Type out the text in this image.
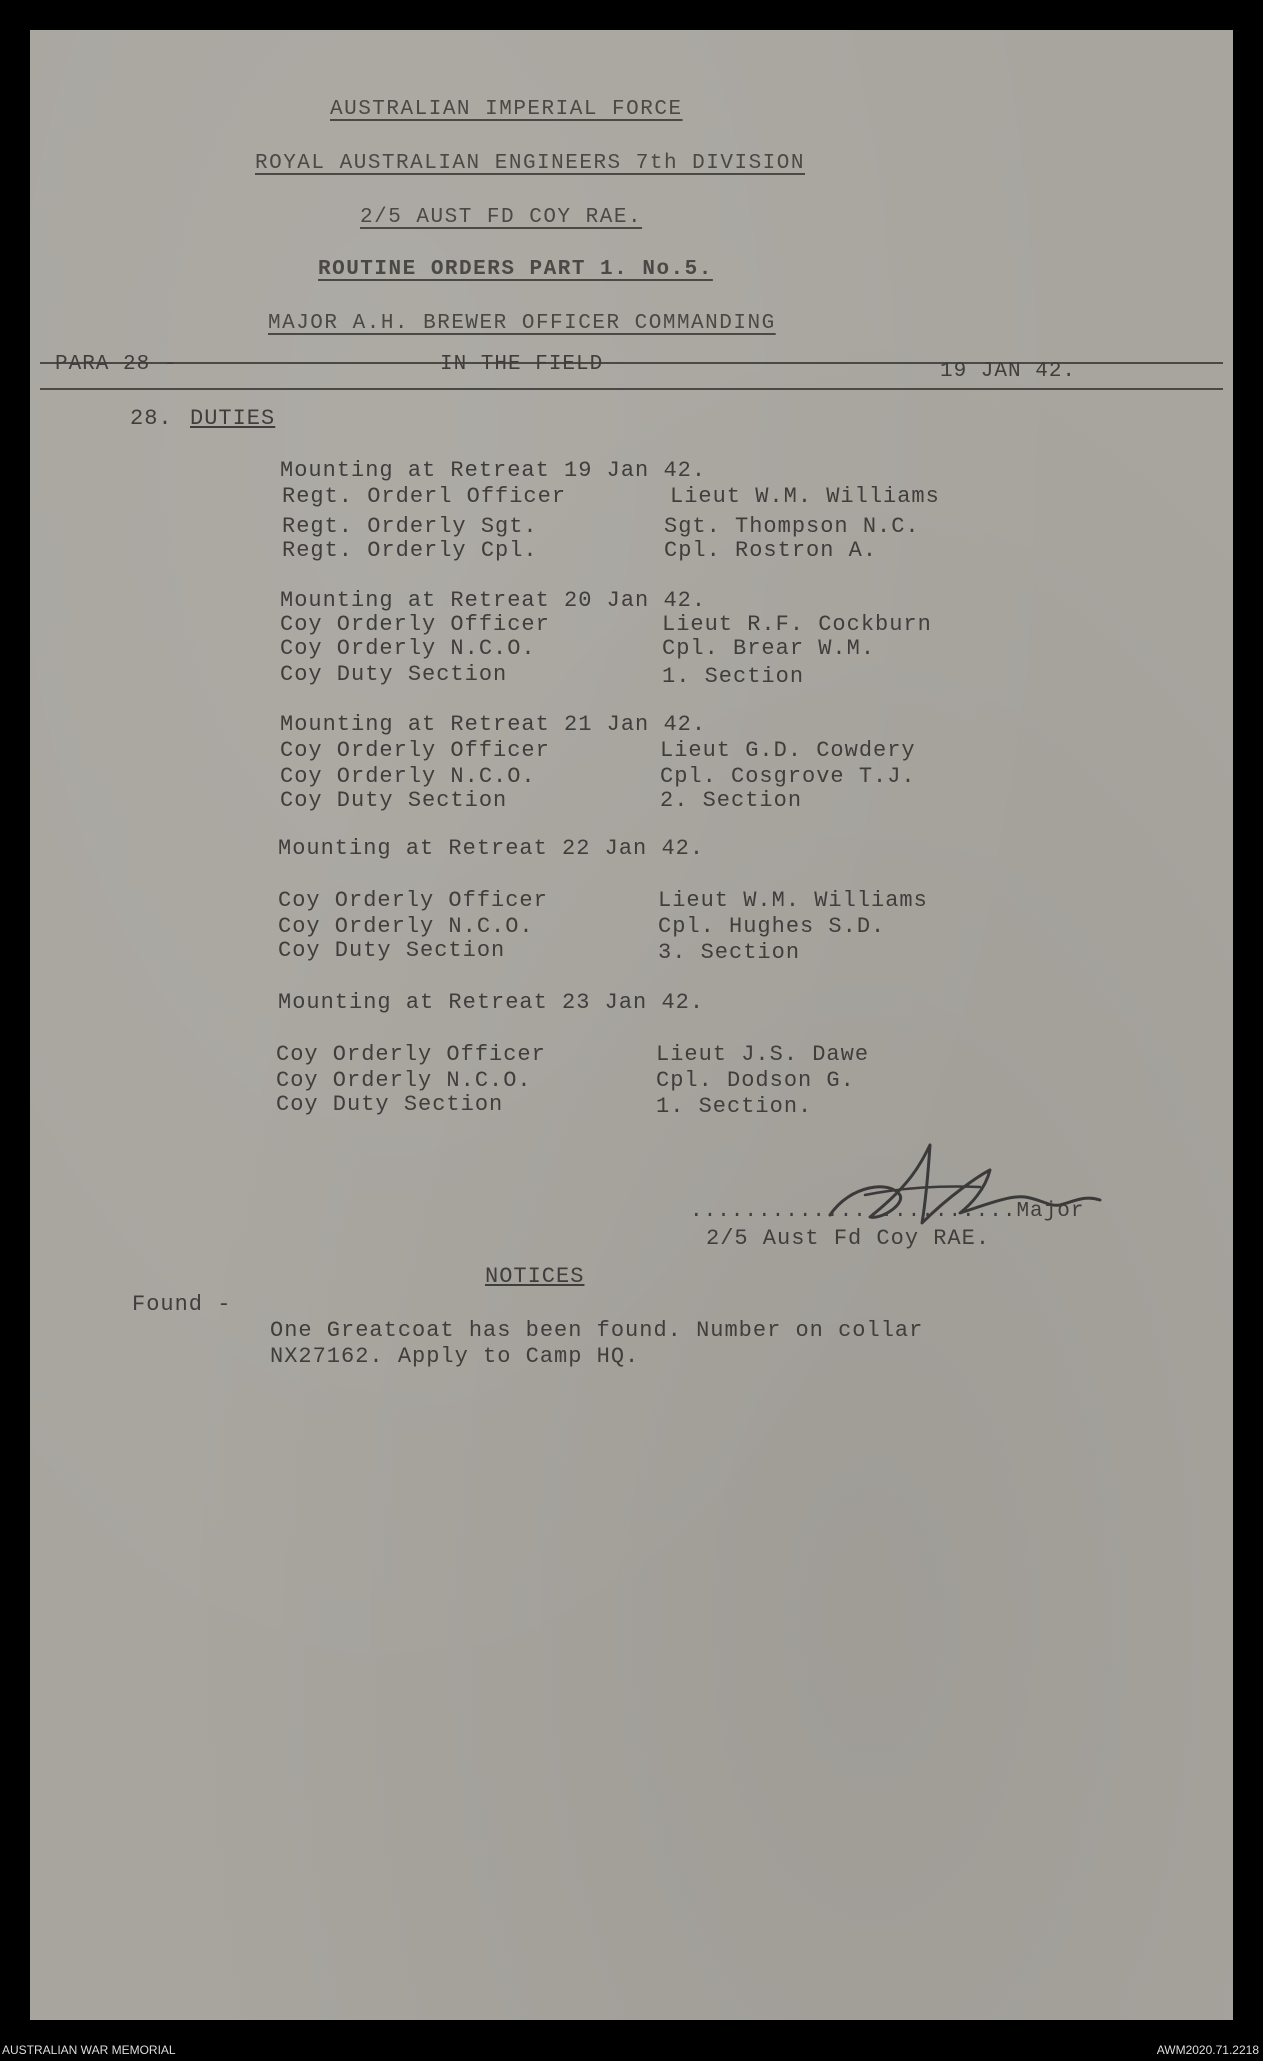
AUSTRALIAN IMPERIAL FORCE
ROYAL AUSTRALIAN ENGINEERS 7th DIVISION
2/5 AUST FD COY RAE.
ROUTINE ORDERS PART 1. No.5.
MAJOR A.H. BREWER OFFICER COMMANDING
PARA 28 -	IN THE FIELD	19 JAN 42.
28. DUTIES
Mounting at Retreat 19 Jan 42.
Regt. Orderl Officer	Lieut W.M. Williams
Regt. Orderly Sgt.	Sgt. Thompson N.C.
Regt. Orderly Cpl.	Cpl. Rostron A.
Mounting at Retreat 20 Jan 42.
Coy Orderly Officer	Lieut R.F. Cockburn
Coy Orderly N.C.O.	Cpl. Brear W.M.
Coy Duty Section	1. Section
Mounting at Retreat 21 Jan 42.
Coy Orderly Officer	Lieut G.D. Cowdery
Coy Orderly N.C.O.	Cpl. Cosgrove T.J.
Coy Duty Section	2. Section
Mounting at Retreat 22 Jan 42.
Coy Orderly Officer	Lieut W.M. Williams
Coy Orderly N.C.O.	Cpl. Hughes S.D.
Coy Duty Section	3. Section
Mounting at Retreat 23 Jan 42.
Coy Orderly Officer	Lieut J.S. Dawe
Coy Orderly N.C.O.	Cpl. Dodson G.
Coy Duty Section	1. Section.
........................Major
2/5 Aust Fd Coy RAE.
NOTICES
Found -
One Greatcoat has been found. Number on collar
NX27162. Apply to Camp HQ.
AUSTRALIAN WAR MEMORIAL	AWM2020.71.2218
